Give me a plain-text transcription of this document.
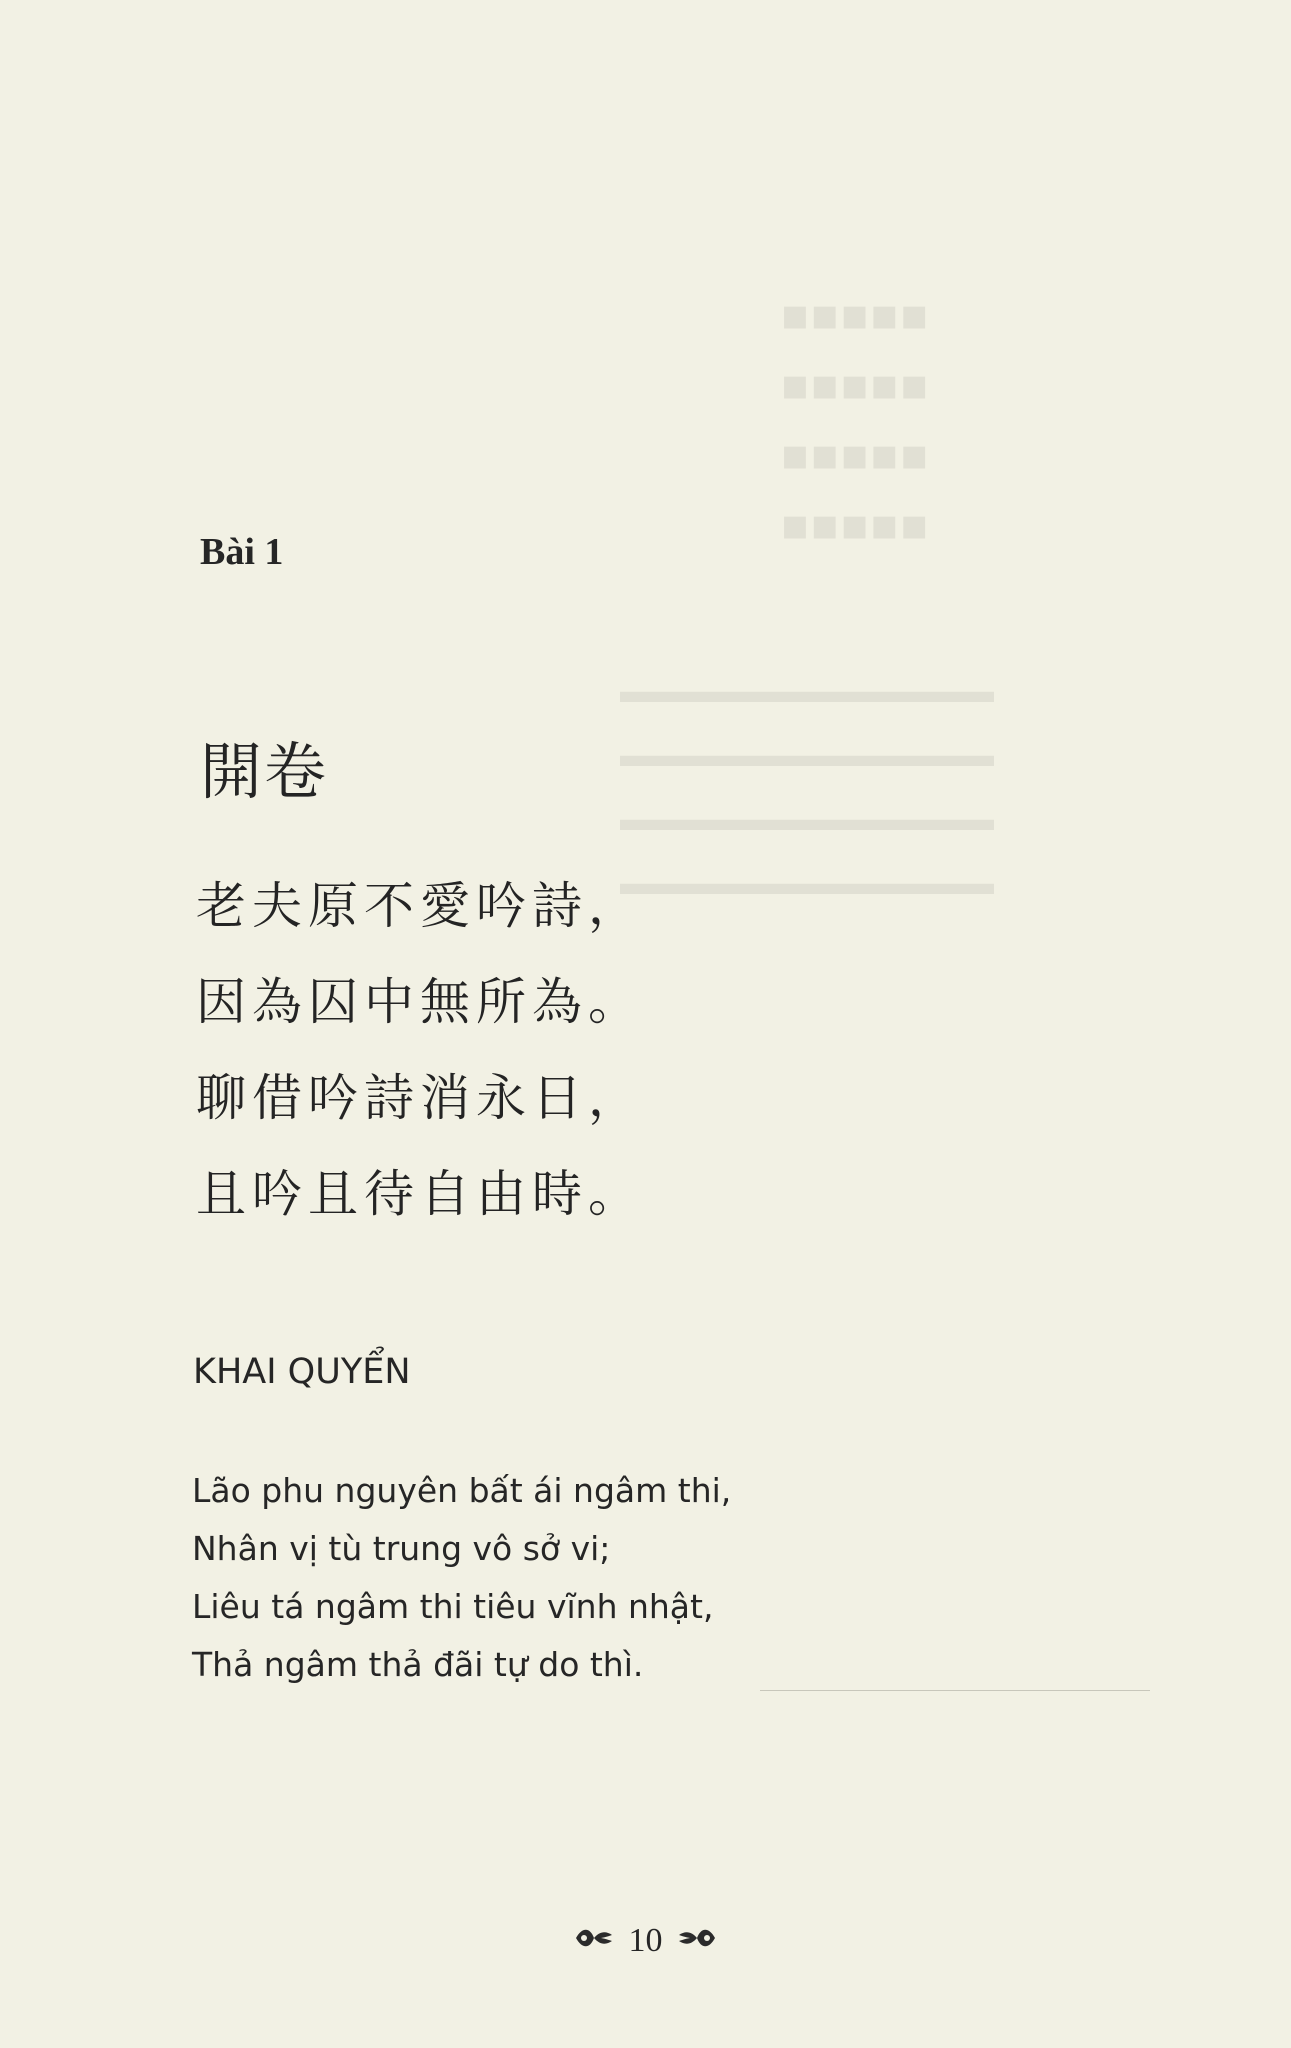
▪▪▪▪▪
▪▪▪▪▪
▪▪▪▪▪
▪▪▪▪▪
▬▬▬▬▬▬▬▬▬▬▬
▬▬▬▬▬▬▬▬▬▬▬
▬▬▬▬▬▬▬▬▬▬▬
▬▬▬▬▬▬▬▬▬▬▬
Bài 1
開卷
老夫原不愛吟詩，
因為囚中無所為。
聊借吟詩消永日，
且吟且待自由時。
KHAI QUYỂN
Lão phu nguyên bất ái ngâm thi,
Nhân vị tù trung vô sở vi;
Liêu tá ngâm thi tiêu vĩnh nhật,
Thả ngâm thả đãi tự do thì.
10
